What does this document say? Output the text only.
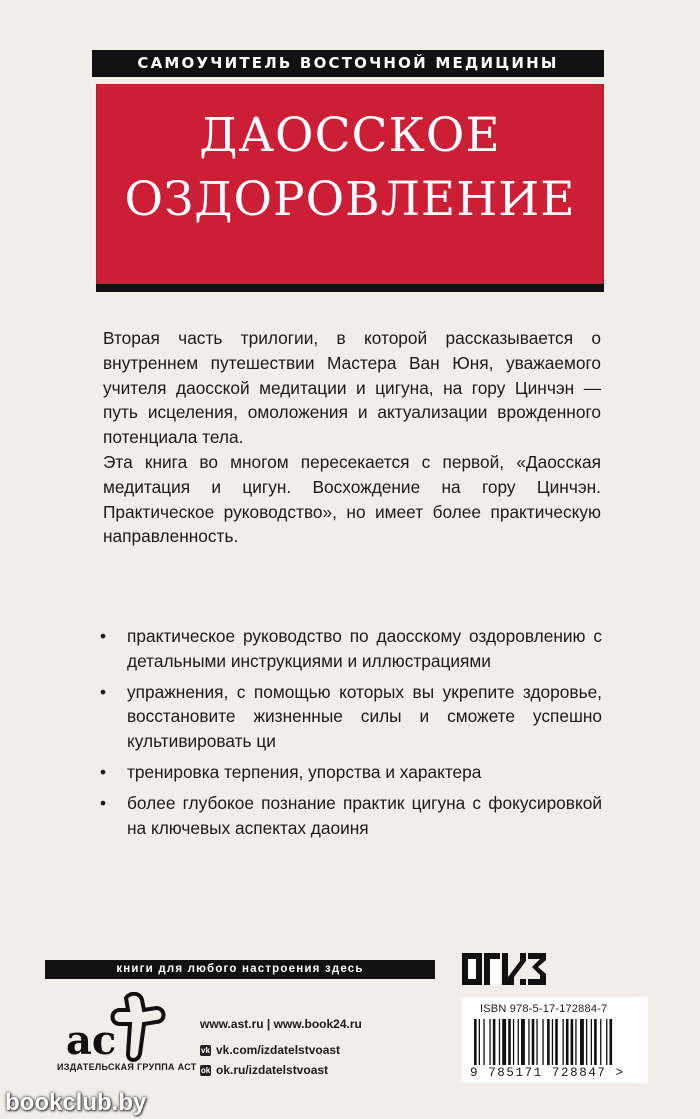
САМОУЧИТЕЛЬ ВОСТОЧНОЙ МЕДИЦИНЫ
ДАОССКОЕ
ОЗДОРОВЛЕНИЕ

Вторая часть трилогии, в которой рассказывается о внутреннем путешествии Мастера Ван Юня, уважаемого учителя даосской медитации и цигуна, на гору Цинчэн — путь исцеления, омоложения и актуализации врожденного потенциала тела.

Эта книга во многом пересекается с первой, «Даосская медитация и цигун. Восхождение на гору Цинчэн. Практическое руководство», но имеет более практическую направленность.

• практическое руководство по даосскому оздоровлению с детальными инструкциями и иллюстрациями
• упражнения, с помощью которых вы укрепите здоровье, восстановите жизненные силы и сможете успешно культивировать ци
• тренировка терпения, упорства и характера
• более глубокое познание практик цигуна с фокусировкой на ключевых аспектах даоиня
книги для любого настроения здесь
ac
ИЗДАТЕЛЬСКАЯ ГРУППА АСТ
www.ast.ru | www.book24.ru
vk vk.com/izdatelstvoast
ok ok.ru/izdatelstvoast
ISBN 978-5-17-172884-7
9 785171 728847 >
bookclub.by
